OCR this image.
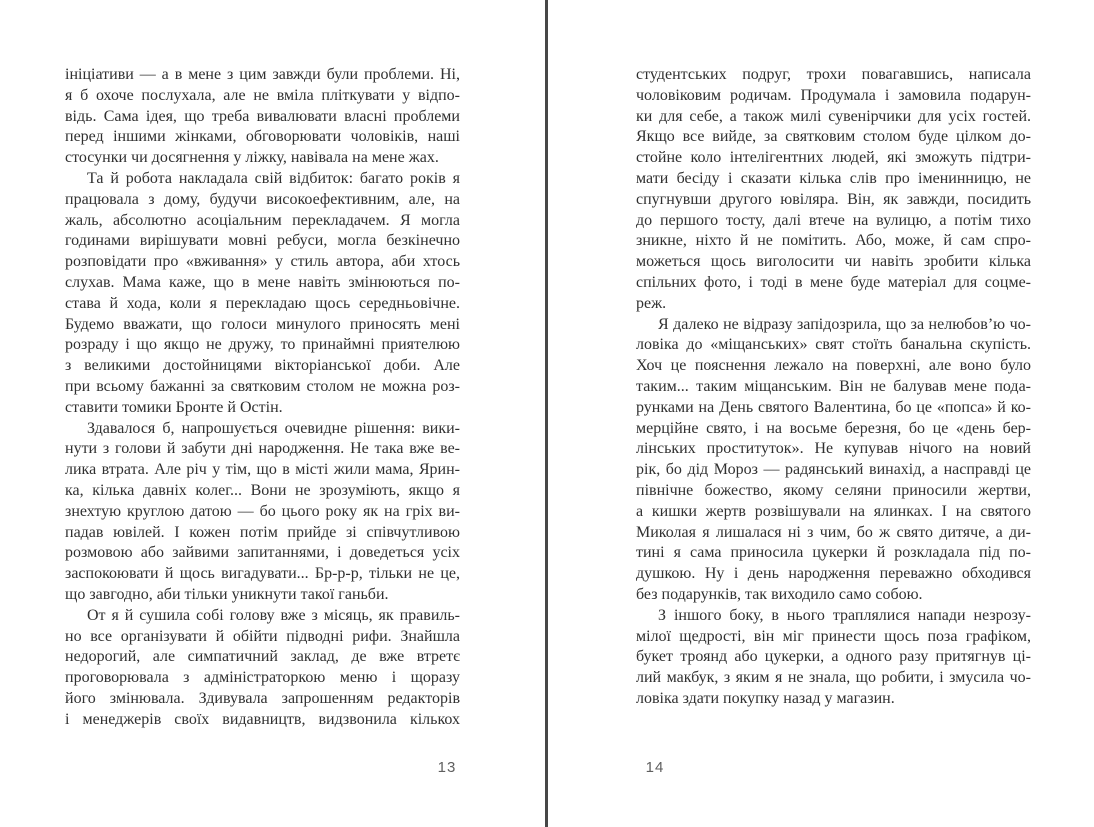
ініціативи — а в мене з цим завжди були проблеми. Ні,
я б охоче послухала, але не вміла пліткувати у відпо-
відь. Сама ідея, що треба вивалювати власні проблеми
перед іншими жінками, обговорювати чоловіків, наші
стосунки чи досягнення у ліжку, навівала на мене жах.
Та й робота накладала свій відбиток: багато років я
працювала з дому, будучи високоефективним, але, на
жаль, абсолютно асоціальним перекладачем. Я могла
годинами вирішувати мовні ребуси, могла безкінечно
розповідати про «вживання» у стиль автора, аби хтось
слухав. Мама каже, що в мене навіть змінюються по-
става й хода, коли я перекладаю щось середньовічне.
Будемо вважати, що голоси минулого приносять мені
розраду і що якщо не дружу, то принаймні приятелюю
з великими достойницями вікторіанської доби. Але
при всьому бажанні за святковим столом не можна роз-
ставити томики Бронте й Остін.
Здавалося б, напрошується очевидне рішення: вики-
нути з голови й забути дні народження. Не така вже ве-
лика втрата. Але річ у тім, що в місті жили мама, Ярин-
ка, кілька давніх колег... Вони не зрозуміють, якщо я
знехтую круглою датою — бо цього року як на гріх ви-
падав ювілей. І кожен потім прийде зі співчутливою
розмовою або зайвими запитаннями, і доведеться усіх
заспокоювати й щось вигадувати... Бр-р-р, тільки не це,
що завгодно, аби тільки уникнути такої ганьби.
От я й сушила собі голову вже з місяць, як правиль-
но все організувати й обійти підводні рифи. Знайшла
недорогий, але симпатичний заклад, де вже втретє
проговорювала з адміністраторкою меню і щоразу
його змінювала. Здивувала запрошенням редакторів
і менеджерів своїх видавництв, видзвонила кількох
студентських подруг, трохи повагавшись, написала
чоловіковим родичам. Продумала і замовила подарун-
ки для себе, а також милі сувенірчики для усіх гостей.
Якщо все вийде, за святковим столом буде цілком до-
стойне коло інтелігентних людей, які зможуть підтри-
мати бесіду і сказати кілька слів про іменинницю, не
спугнувши другого ювіляра. Він, як завжди, посидить
до першого тосту, далі втече на вулицю, а потім тихо
зникне, ніхто й не помітить. Або, може, й сам спро-
можеться щось виголосити чи навіть зробити кілька
спільних фото, і тоді в мене буде матеріал для соцме-
реж.
Я далеко не відразу запідозрила, що за нелюбов’ю чо-
ловіка до «міщанських» свят стоїть банальна скупість.
Хоч це пояснення лежало на поверхні, але воно було
таким... таким міщанським. Він не балував мене пода-
рунками на День святого Валентина, бо це «попса» й ко-
мерційне свято, і на восьме березня, бо це «день бер-
лінських проституток». Не купував нічого на новий
рік, бо дід Мороз — радянський винахід, а насправді це
північне божество, якому селяни приносили жертви,
а кишки жертв розвішували на ялинках. І на святого
Миколая я лишалася ні з чим, бо ж свято дитяче, а ди-
тині я сама приносила цукерки й розкладала під по-
душкою. Ну і день народження переважно обходився
без подарунків, так виходило само собою.
З іншого боку, в нього траплялися напади незрозу-
мілої щедрості, він міг принести щось поза графіком,
букет троянд або цукерки, а одного разу притягнув ці-
лий макбук, з яким я не знала, що робити, і змусила чо-
ловіка здати покупку назад у магазин.
13	14
